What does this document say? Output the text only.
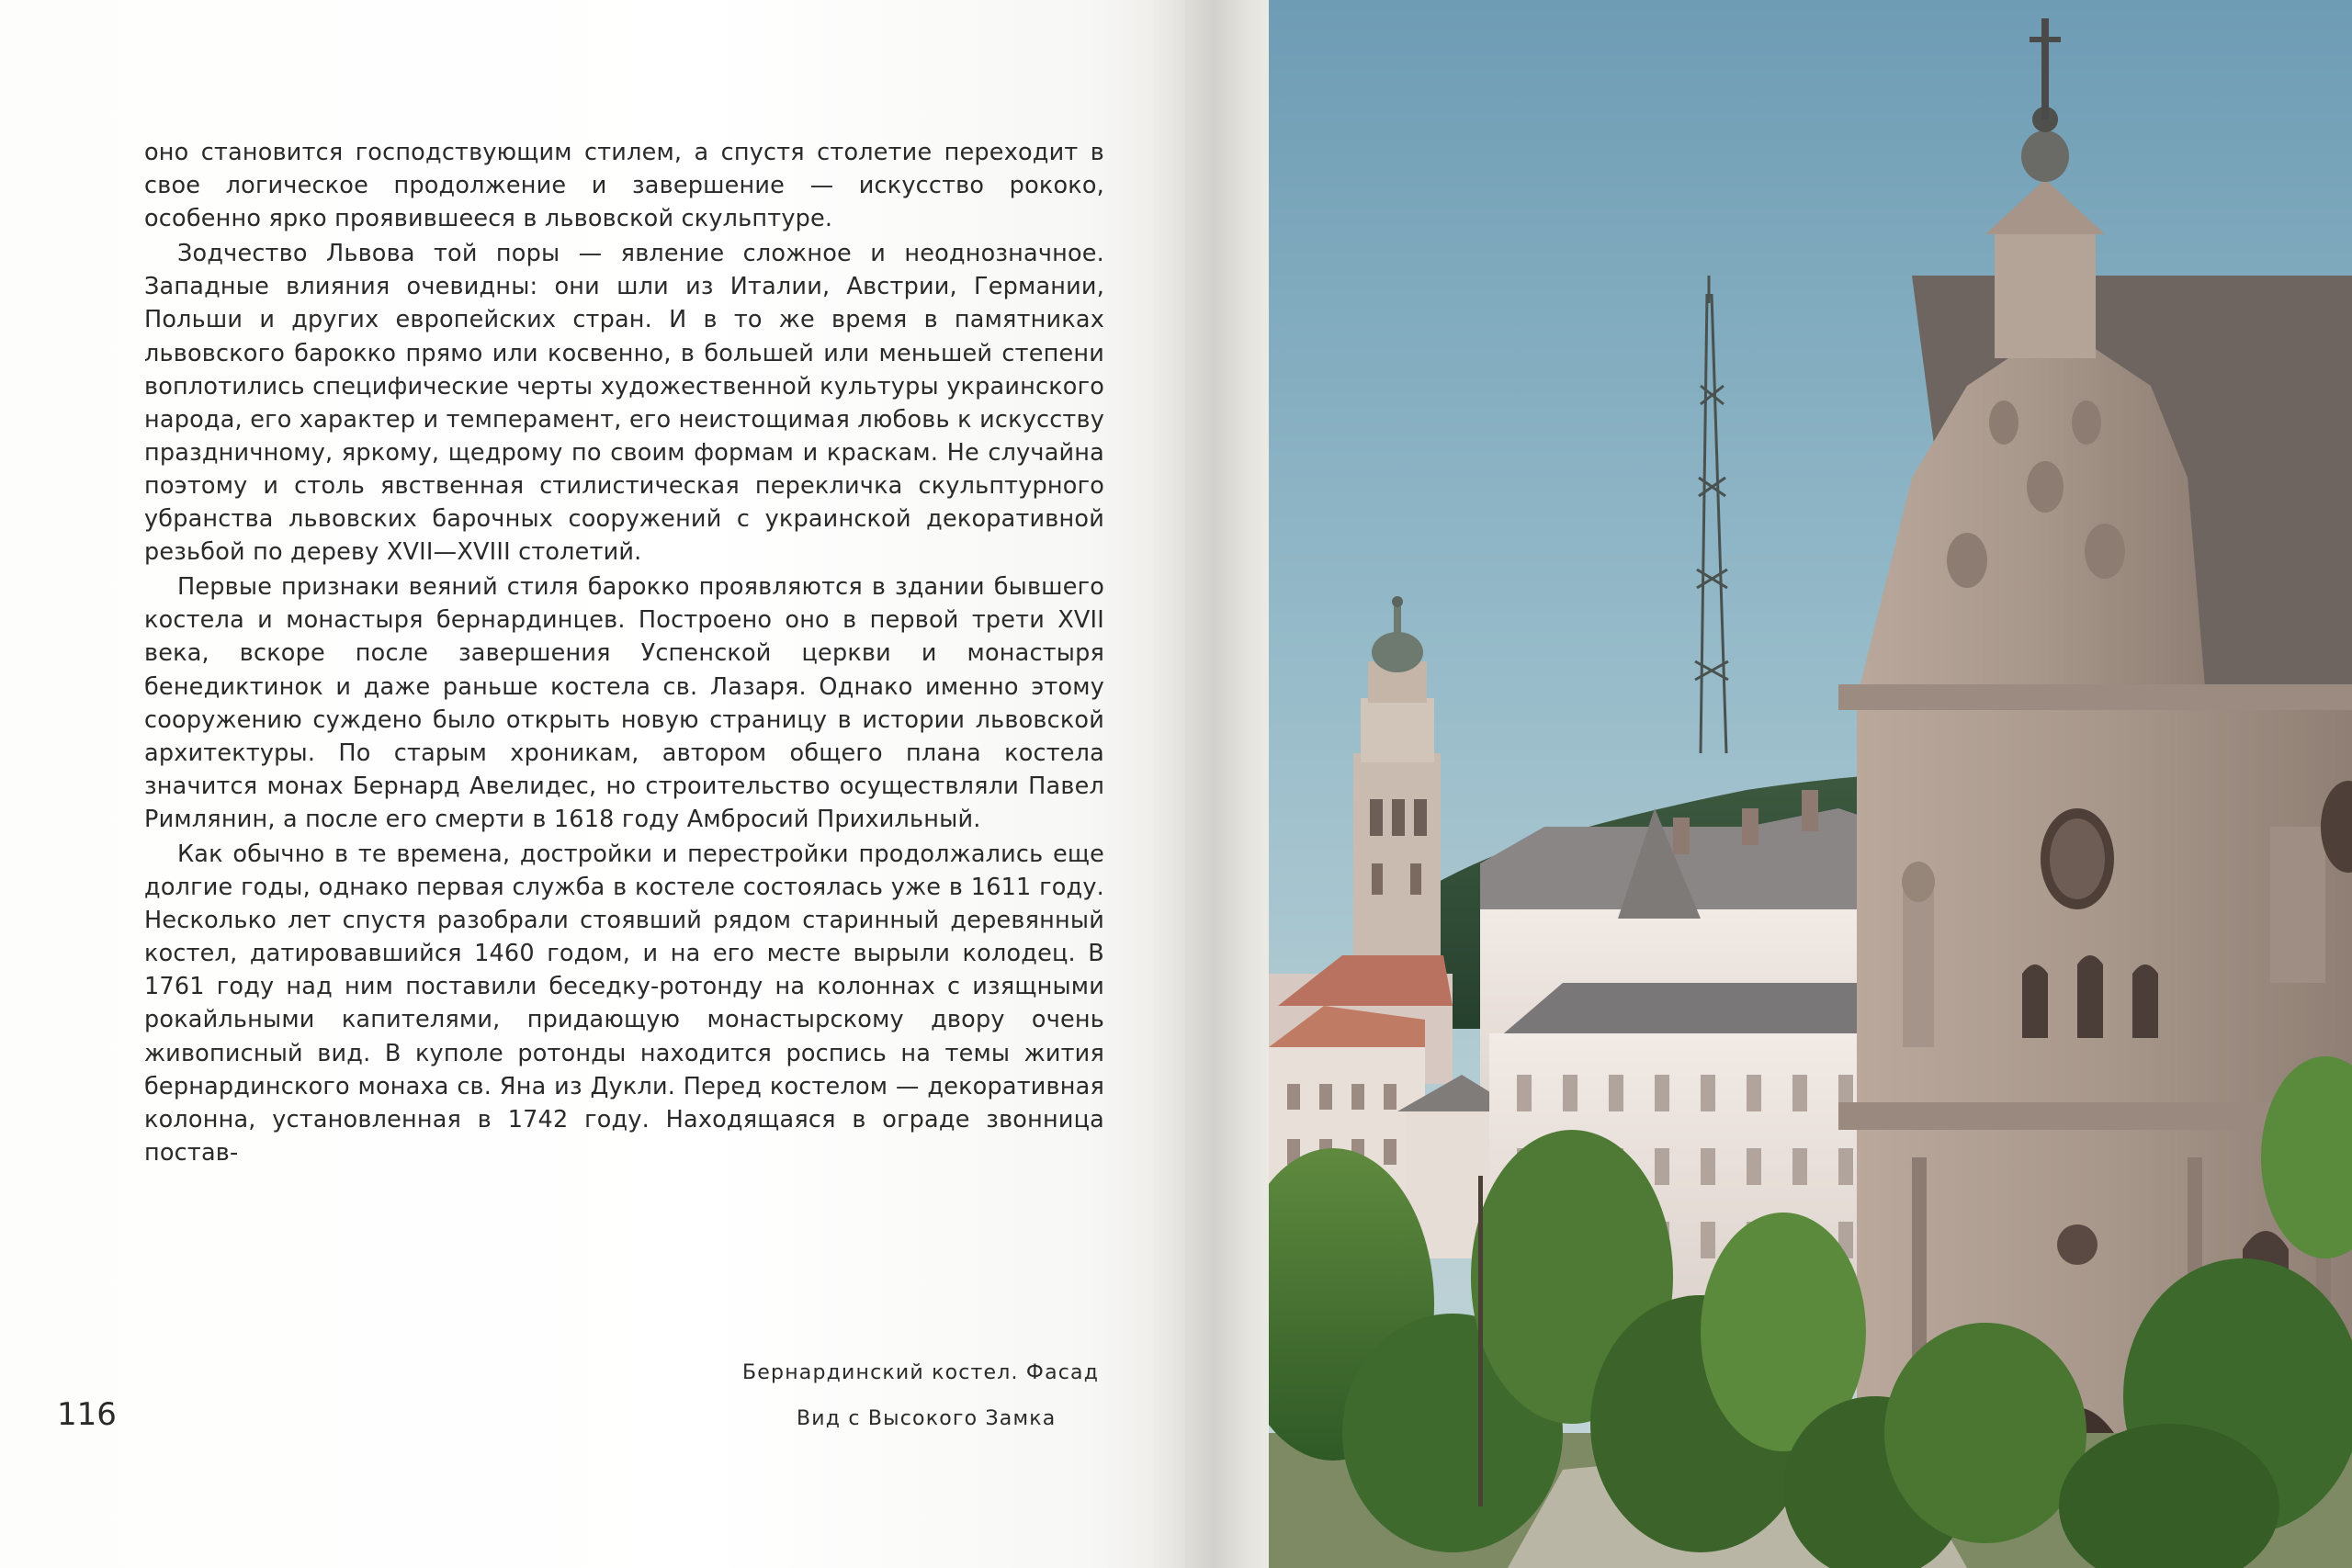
оно становится господствующим стилем, а спустя столетие переходит в свое логическое продолжение и завершение — искусство рококо, особенно ярко проявившееся в львовской скульптуре.

Зодчество Львова той поры — явление сложное и неоднозначное. Западные влияния очевидны: они шли из Италии, Австрии, Германии, Польши и других европейских стран. И в то же время в памятниках львовского барокко прямо или косвенно, в большей или меньшей степени воплотились специфические черты художественной культуры украинского народа, его характер и темперамент, его неистощимая любовь к искусству праздничному, яркому, щедрому по своим формам и краскам. Не случайна поэтому и столь явственная стилистическая перекличка скульптурного убранства львовских барочных сооружений с украинской декоративной резьбой по дереву XVII—XVIII столетий.

Первые признаки веяний стиля барокко проявляются в здании бывшего костела и монастыря бернардинцев. Построено оно в первой трети XVII века, вскоре после завершения Успенской церкви и монастыря бенедиктинок и даже раньше костела св. Лазаря. Однако именно этому сооружению суждено было открыть новую страницу в истории львовской архитектуры. По старым хроникам, автором общего плана костела значится монах Бернард Авелидес, но строительство осуществляли Павел Римлянин, а после его смерти в 1618 году Амбросий Прихильный.

Как обычно в те времена, достройки и перестройки продолжались еще долгие годы, однако первая служба в костеле состоялась уже в 1611 году. Несколько лет спустя разобрали стоявший рядом старинный деревянный костел, датировавшийся 1460 годом, и на его месте вырыли колодец. В 1761 году над ним поставили беседку-ротонду на колоннах с изящными рокайльными капителями, придающую монастырскому двору очень живописный вид. В куполе ротонды находится роспись на темы жития бернардинского монаха св. Яна из Дукли. Перед костелом — декоративная колонна, установленная в 1742 году. Находящаяся в ограде звонница постав-

Бернардинский костел. Фасад
Вид с Высокого Замка
116
